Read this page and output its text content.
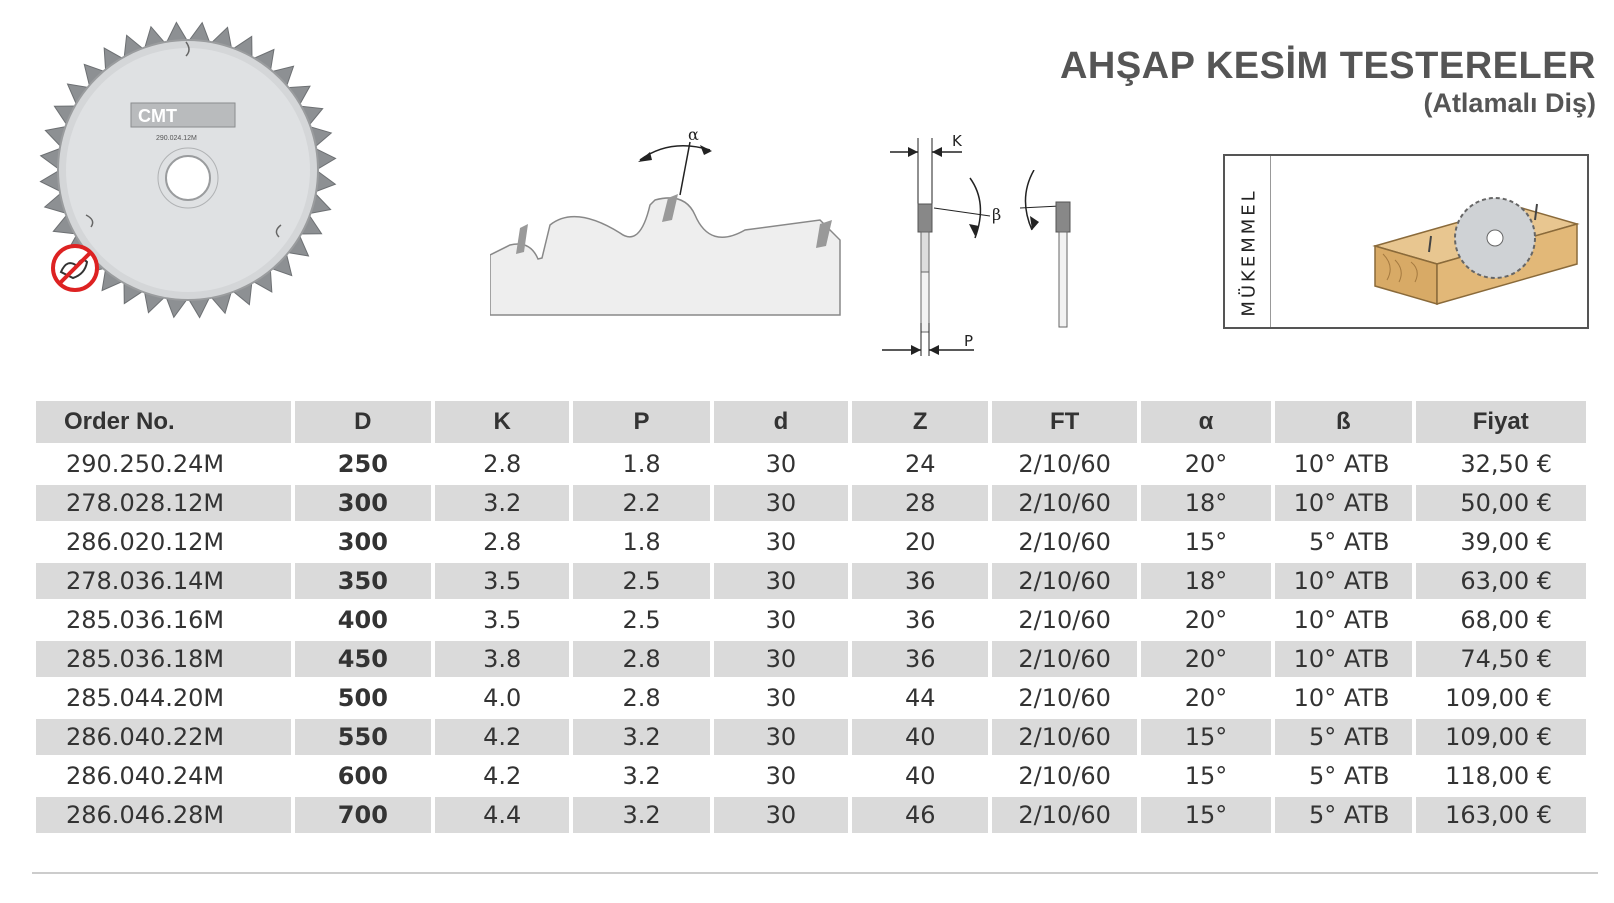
AHŞAP KESİM TESTERELER
(Atlamalı Diş)
CMT
290.024.12M	α	K
P
β	MÜKEMMEL
Order No.	D	K	P	d	Z	FT	α	ß	Fiyat
290.250.24M	250	2.8	1.8	30	24	2/10/60	20°	10° ATB	32,50 €
278.028.12M	300	3.2	2.2	30	28	2/10/60	18°	10° ATB	50,00 €
286.020.12M	300	2.8	1.8	30	20	2/10/60	15°	5° ATB	39,00 €
278.036.14M	350	3.5	2.5	30	36	2/10/60	18°	10° ATB	63,00 €
285.036.16M	400	3.5	2.5	30	36	2/10/60	20°	10° ATB	68,00 €
285.036.18M	450	3.8	2.8	30	36	2/10/60	20°	10° ATB	74,50 €
285.044.20M	500	4.0	2.8	30	44	2/10/60	20°	10° ATB	109,00 €
286.040.22M	550	4.2	3.2	30	40	2/10/60	15°	5° ATB	109,00 €
286.040.24M	600	4.2	3.2	30	40	2/10/60	15°	5° ATB	118,00 €
286.046.28M	700	4.4	3.2	30	46	2/10/60	15°	5° ATB	163,00 €
